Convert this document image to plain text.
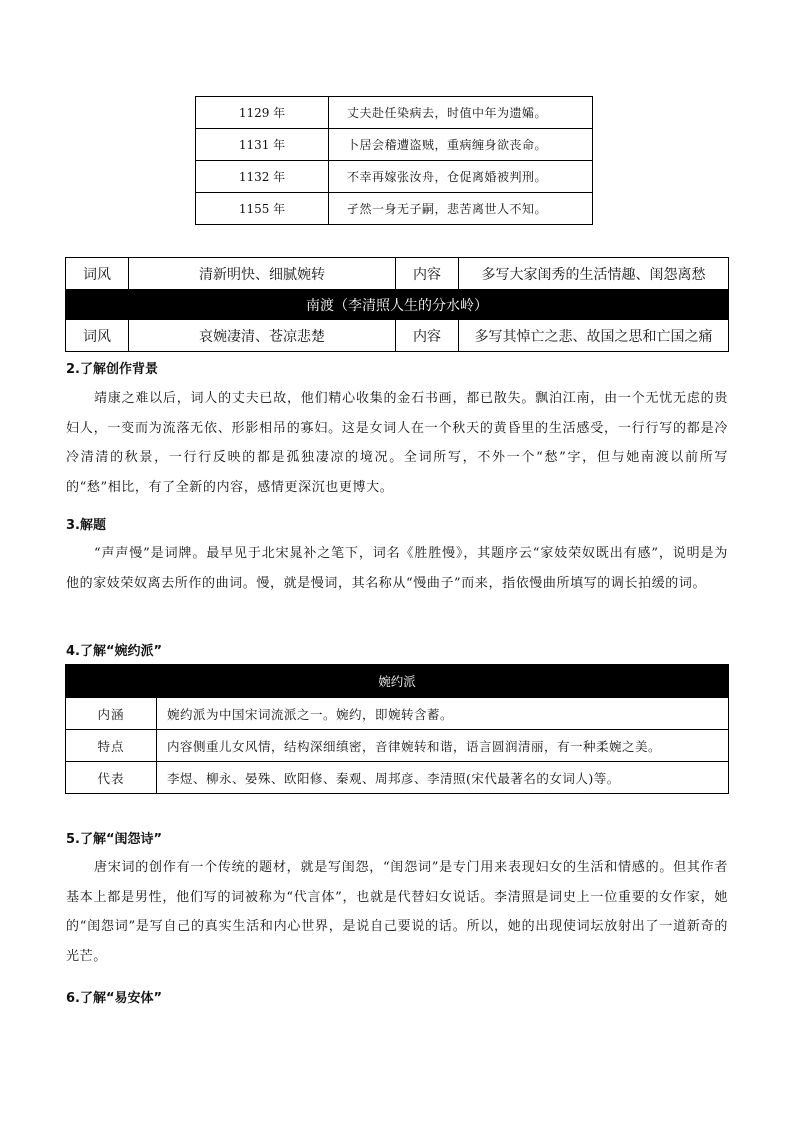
1129 年	丈夫赴任染病去，时值中年为遗孀。
1131 年	卜居会稽遭盗贼，重病缠身欲丧命。
1132 年	不幸再嫁张汝舟，仓促离婚被判刑。
1155 年	孑然一身无子嗣，悲苦离世人不知。
词风	清新明快、细腻婉转	内容	多写大家闺秀的生活情趣、闺怨离愁
南渡（李清照人生的分水岭）			
词风	哀婉凄清、苍凉悲楚	内容	多写其悼亡之悲、故国之思和亡国之痛
2.了解创作背景
靖康之难以后，词人的丈夫已故，他们精心收集的金石书画，都已散失。飘泊江南，由一个无忧无虑的贵妇人，一变而为流落无依、形影相吊的寡妇。这是女词人在一个秋天的黄昏里的生活感受，一行行写的都是冷冷清清的秋景，一行行反映的都是孤独凄凉的境况。全词所写，不外一个“愁”字，但与她南渡以前所写的“愁”相比，有了全新的内容，感情更深沉也更博大。
3.解题
“声声慢”是词牌。最早见于北宋晁补之笔下，词名《胜胜慢》，其题序云“家妓荣奴既出有感”，说明是为他的家妓荣奴离去所作的曲词。慢，就是慢词，其名称从“慢曲子”而来，指依慢曲所填写的调长拍缓的词。
4.了解“婉约派”
婉约派	
内涵	婉约派为中国宋词流派之一。婉约，即婉转含蓄。
特点	内容侧重儿女风情，结构深细缜密，音律婉转和谐，语言圆润清丽，有一种柔婉之美。
代表	李煜、柳永、晏殊、欧阳修、秦观、周邦彦、李清照(宋代最著名的女词人)等。
5.了解“闺怨诗”
唐宋词的创作有一个传统的题材，就是写闺怨，“闺怨词”是专门用来表现妇女的生活和情感的。但其作者基本上都是男性，他们写的词被称为“代言体”，也就是代替妇女说话。李清照是词史上一位重要的女作家，她的“闺怨词”是写自己的真实生活和内心世界，是说自己要说的话。所以，她的出现使词坛放射出了一道新奇的光芒。
6.了解“易安体”
